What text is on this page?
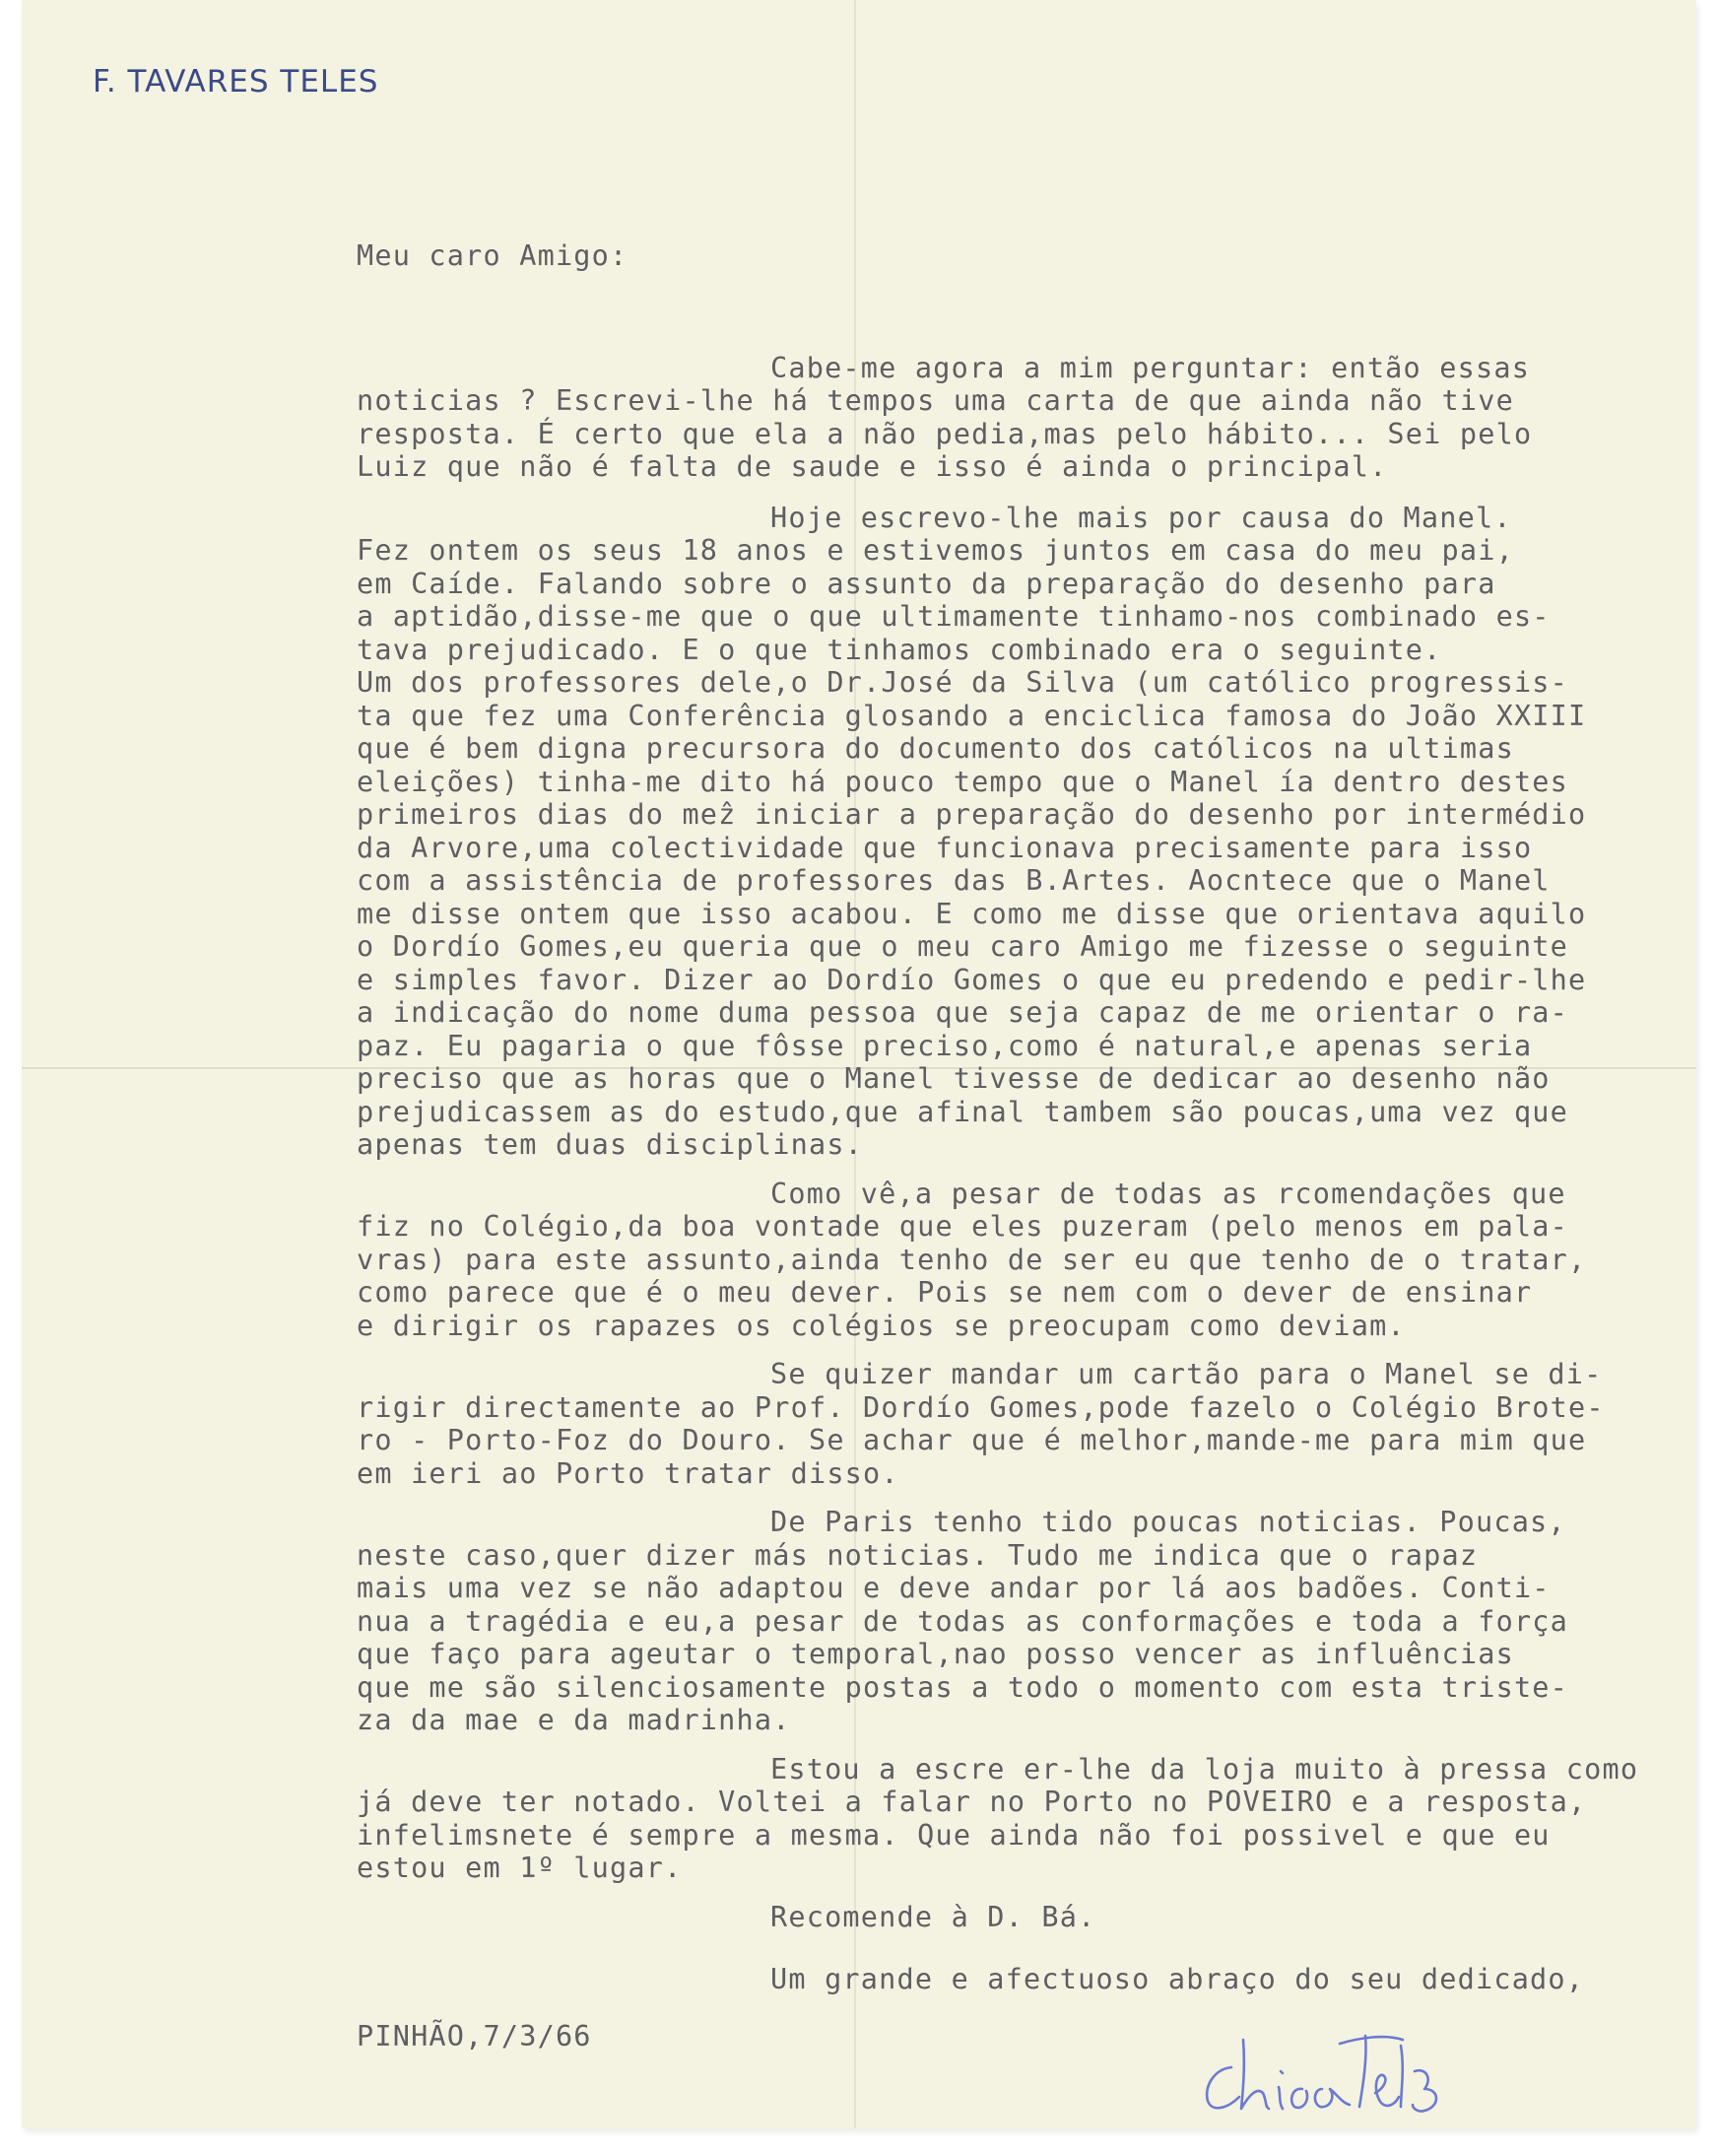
F. TAVARES TELES
Meu caro Amigo:
Cabe-me agora a mim perguntar: então essas
noticias ? Escrevi-lhe há tempos uma carta de que ainda não tive
resposta. É certo que ela a não pedia,mas pelo hábito... Sei pelo
Luiz que não é falta de saude e isso é ainda o principal.
Hoje escrevo-lhe mais por causa do Manel.
Fez ontem os seus 18 anos e estivemos juntos em casa do meu pai,
em Caíde. Falando sobre o assunto da preparação do desenho para
a aptidão,disse-me que o que ultimamente tinhamo-nos combinado es-
tava prejudicado. E o que tinhamos combinado era o seguinte.
Um dos professores dele,o Dr.José da Silva (um católico progressis-
ta que fez uma Conferência glosando a enciclica famosa do João XXIII
que é bem digna precursora do documento dos católicos na ultimas
eleições) tinha-me dito há pouco tempo que o Manel ía dentro destes
primeiros dias do meẑ iniciar a preparação do desenho por intermédio
da Arvore,uma colectividade que funcionava precisamente para isso
com a assistência de professores das B.Artes. Aocntece que o Manel
me disse ontem que isso acabou. E como me disse que orientava aquilo
o Dordío Gomes,eu queria que o meu caro Amigo me fizesse o seguinte
e simples favor. Dizer ao Dordío Gomes o que eu predendo e pedir-lhe
a indicação do nome duma pessoa que seja capaz de me orientar o ra-
paz. Eu pagaria o que fôsse preciso,como é natural,e apenas seria
preciso que as horas que o Manel tivesse de dedicar ao desenho não
prejudicassem as do estudo,que afinal tambem são poucas,uma vez que
apenas tem duas disciplinas.
Como vê,a pesar de todas as rcomendações que
fiz no Colégio,da boa vontade que eles puzeram (pelo menos em pala-
vras) para este assunto,ainda tenho de ser eu que tenho de o tratar,
como parece que é o meu dever. Pois se nem com o dever de ensinar
e dirigir os rapazes os colégios se preocupam como deviam.
Se quizer mandar um cartão para o Manel se di-
rigir directamente ao Prof. Dordío Gomes,pode fazelo o Colégio Brote-
ro - Porto-Foz do Douro. Se achar que é melhor,mande-me para mim que
em ieri ao Porto tratar disso.
De Paris tenho tido poucas noticias. Poucas,
neste caso,quer dizer más noticias. Tudo me indica que o rapaz
mais uma vez se não adaptou e deve andar por lá aos badões. Conti-
nua a tragédia e eu,a pesar de todas as conformações e toda a força
que faço para ageutar o temporal,nao posso vencer as influências
que me são silenciosamente postas a todo o momento com esta triste-
za da mae e da madrinha.
Estou a escre er-lhe da loja muito à pressa como
já deve ter notado. Voltei a falar no Porto no POVEIRO e a resposta,
infelimsnete é sempre a mesma. Que ainda não foi possivel e que eu
estou em 1º lugar.
Recomende à D. Bá.
Um grande e afectuoso abraço do seu dedicado,
PINHÃO,7/3/66
